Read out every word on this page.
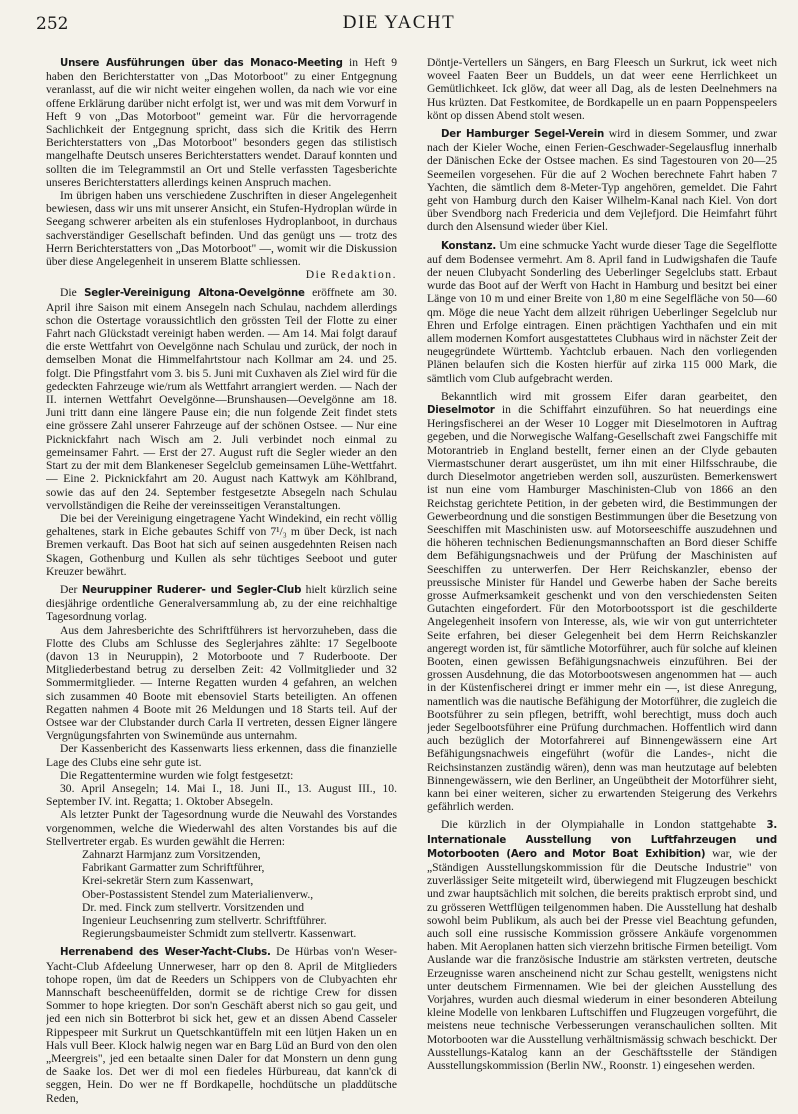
252	DIE YACHT

Unsere Ausführungen über das Monaco-Meeting in Heft 9 haben den Berichterstatter von „Das Motorboot" zu einer Entgegnung veranlasst, auf die wir nicht weiter eingehen wollen, da nach wie vor eine offene Erklärung darüber nicht erfolgt ist, wer und was mit dem Vorwurf in Heft 9 von „Das Motorboot" gemeint war. Für die hervorragende Sachlichkeit der Entgegnung spricht, dass sich die Kritik des Herrn Berichterstatters von „Das Motorboot" besonders gegen das stilistisch mangelhafte Deutsch unseres Berichterstatters wendet. Darauf konnten und sollten die im Telegrammstil an Ort und Stelle verfassten Tagesberichte unseres Berichterstatters allerdings keinen Anspruch machen.

Im übrigen haben uns verschiedene Zuschriften in dieser Angelegenheit bewiesen, dass wir uns mit unserer Ansicht, ein Stufen-Hydroplan würde in Seegang schwerer arbeiten als ein stufenloses Hydroplanboot, in durchaus sachverständiger Gesellschaft befinden. Und das genügt uns — trotz des Herrn Berichterstatters von „Das Motorboot" —, womit wir die Diskussion über diese Angelegenheit in unserem Blatte schliessen.

Die Redaktion.

Die Segler-Vereinigung Altona-Oevelgönne eröffnete am 30. April ihre Saison mit einem Ansegeln nach Schulau, nachdem allerdings schon die Ostertage voraussichtlich den grössten Teil der Flotte zu einer Fahrt nach Glückstadt vereinigt haben werden. — Am 14. Mai folgt darauf die erste Wettfahrt von Oevelgönne nach Schulau und zurück, der noch in demselben Monat die Himmelfahrtstour nach Kollmar am 24. und 25. folgt. Die Pfingstfahrt vom 3. bis 5. Juni mit Cuxhaven als Ziel wird für die gedeckten Fahrzeuge wie/rum als Wettfahrt arrangiert werden. — Nach der II. internen Wettfahrt Oevelgönne—Brunshausen—Oevelgönne am 18. Juni tritt dann eine längere Pause ein; die nun folgende Zeit findet stets eine grössere Zahl unserer Fahrzeuge auf der schönen Ostsee. — Nur eine Picknickfahrt nach Wisch am 2. Juli verbindet noch einmal zu gemeinsamer Fahrt. — Erst der 27. August ruft die Segler wieder an den Start zu der mit dem Blankeneser Segelclub gemeinsamen Lühe-Wettfahrt. — Eine 2. Picknickfahrt am 20. August nach Kattwyk am Köhlbrand, sowie das auf den 24. September festgesetzte Absegeln nach Schulau vervollständigen die Reihe der vereinsseitigen Veranstaltungen.

Die bei der Vereinigung eingetragene Yacht Windekind, ein recht völlig gehaltenes, stark in Eiche gebautes Schiff von 7¹/₃ m über Deck, ist nach Bremen verkauft. Das Boot hat sich auf seinen ausgedehnten Reisen nach Skagen, Gothenburg und Kullen als sehr tüchtiges Seeboot und guter Kreuzer bewährt.

Der Neuruppiner Ruderer- und Segler-Club hielt kürzlich seine diesjährige ordentliche Generalversammlung ab, zu der eine reichhaltige Tagesordnung vorlag.

Aus dem Jahresberichte des Schriftführers ist hervorzuheben, dass die Flotte des Clubs am Schlusse des Seglerjahres zählte: 17 Segelboote (davon 13 in Neuruppin), 2 Motorboote und 7 Ruderboote. Der Mitgliederbestand betrug zu derselben Zeit: 42 Vollmitglieder und 32 Sommermitglieder. — Interne Regatten wurden 4 gefahren, an welchen sich zusammen 40 Boote mit ebensoviel Starts beteiligten. An offenen Regatten nahmen 4 Boote mit 26 Meldungen und 18 Starts teil. Auf der Ostsee war der Clubstander durch Carla II vertreten, dessen Eigner längere Vergnügungsfahrten von Swinemünde aus unternahm.

Der Kassenbericht des Kassenwarts liess erkennen, dass die finanzielle Lage des Clubs eine sehr gute ist.

Die Regattentermine wurden wie folgt festgesetzt:

30. April Ansegeln; 14. Mai I., 18. Juni II., 13. August III., 10. September IV. int. Regatta; 1. Oktober Absegeln.

Als letzter Punkt der Tagesordnung wurde die Neuwahl des Vorstandes vorgenommen, welche die Wiederwahl des alten Vorstandes bis auf die Stellvertreter ergab. Es wurden gewählt die Herren:

Zahnarzt Harmjanz zum Vorsitzenden,
Fabrikant Garmatter zum Schriftführer,
Krei-sekretär Stern zum Kassenwart,
Ober-Postassistent Stendel zum Materialienverw.,
Dr. med. Finck zum stellvertr. Vorsitzenden und
Ingenieur Leuchsenring zum stellvertr. Schriftführer.
Regierungsbaumeister Schmidt zum stellvertr. Kassenwart.

Herrenabend des Weser-Yacht-Clubs. De Hürbas von'n Weser-Yacht-Club Afdeelung Unnerweser, harr op den 8. April de Mitglieders tohope ropen, üm dat de Reeders un Schippers von de Clubyachten ehr Mannschaft bescheenüffelden, dormit se de richtige Crew for dissen Sommer to hope kriegten. Dor son'n Geschäft aberst nich so gau geit, und jed een nich sin Botterbrot bi sick het, gew et an dissen Abend Casseler Rippespeer mit Surkrut un Quetschkantüffeln mit een lütjen Haken un en Hals vull Beer. Klock halwig negen war en Barg Lüd an Burd von den olen „Meergreis", jed een betaalte sinen Daler for dat Monstern un denn gung de Saake los. Det wer di mol een fiedeles Hürbureau, dat kann'ck di seggen, Hein. Do wer ne ff Bordkapelle, hochdütsche un pladdütsche Reden,

Döntje-Vertellers un Sängers, en Barg Fleesch un Surkrut, ick weet nich woveel Faaten Beer un Buddels, un dat weer eene Herrlichkeet un Gemütlichkeet. Ick glöw, dat weer all Dag, als de lesten Deelnehmers na Hus krüzten. Dat Festkomitee, de Bordkapelle un en paarn Poppenspeelers könt op dissen Abend stolt wesen.

Der Hamburger Segel-Verein wird in diesem Sommer, und zwar nach der Kieler Woche, einen Ferien-Geschwader-Segelausflug innerhalb der Dänischen Ecke der Ostsee machen. Es sind Tagestouren von 20—25 Seemeilen vorgesehen. Für die auf 2 Wochen berechnete Fahrt haben 7 Yachten, die sämtlich dem 8-Meter-Typ angehören, gemeldet. Die Fahrt geht von Hamburg durch den Kaiser Wilhelm-Kanal nach Kiel. Von dort über Svendborg nach Fredericia und dem Vejlefjord. Die Heimfahrt führt durch den Alsensund wieder über Kiel.

Konstanz. Um eine schmucke Yacht wurde dieser Tage die Segelflotte auf dem Bodensee vermehrt. Am 8. April fand in Ludwigshafen die Taufe der neuen Clubyacht Sonderling des Ueberlinger Segelclubs statt. Erbaut wurde das Boot auf der Werft von Hacht in Hamburg und besitzt bei einer Länge von 10 m und einer Breite von 1,80 m eine Segelfläche von 50—60 qm. Möge die neue Yacht dem allzeit rührigen Ueberlinger Segelclub nur Ehren und Erfolge eintragen. Einen prächtigen Yachthafen und ein mit allem modernen Komfort ausgestattetes Clubhaus wird in nächster Zeit der neugegründete Württemb. Yachtclub erbauen. Nach den vorliegenden Plänen belaufen sich die Kosten hierfür auf zirka 115 000 Mark, die sämtlich vom Club aufgebracht werden.

Bekanntlich wird mit grossem Eifer daran gearbeitet, den Dieselmotor in die Schiffahrt einzuführen. So hat neuerdings eine Heringsfischerei an der Weser 10 Logger mit Dieselmotoren in Auftrag gegeben, und die Norwegische Walfang-Gesellschaft zwei Fangschiffe mit Motorantrieb in England bestellt, ferner einen an der Clyde gebauten Viermastschuner derart ausgerüstet, um ihn mit einer Hilfsschraube, die durch Dieselmotor angetrieben werden soll, auszurüsten. Bemerkenswert ist nun eine vom Hamburger Maschinisten-Club von 1866 an den Reichstag gerichtete Petition, in der gebeten wird, die Bestimmungen der Gewerbeordnung und die sonstigen Bestimmungen über die Besetzung von Seeschiffen mit Maschinisten usw. auf Motorseeschiffe auszudehnen und die höheren technischen Bedienungsmannschaften an Bord dieser Schiffe dem Befähigungsnachweis und der Prüfung der Maschinisten auf Seeschiffen zu unterwerfen. Der Herr Reichskanzler, ebenso der preussische Minister für Handel und Gewerbe haben der Sache bereits grosse Aufmerksamkeit geschenkt und von den verschiedensten Seiten Gutachten eingefordert. Für den Motorbootssport ist die geschilderte Angelegenheit insofern von Interesse, als, wie wir von gut unterrichteter Seite erfahren, bei dieser Gelegenheit bei dem Herrn Reichskanzler angeregt worden ist, für sämtliche Motorführer, auch für solche auf kleinen Booten, einen gewissen Befähigungsnachweis einzuführen. Bei der grossen Ausdehnung, die das Motorbootswesen angenommen hat — auch in der Küstenfischerei dringt er immer mehr ein —, ist diese Anregung, namentlich was die nautische Befähigung der Motorführer, die zugleich die Bootsführer zu sein pflegen, betrifft, wohl berechtigt, muss doch auch jeder Segelbootsführer eine Prüfung durchmachen. Hoffentlich wird dann auch bezüglich der Motorfahrerei auf Binnengewässern eine Art Befähigungsnachweis eingeführt (wofür die Landes-, nicht die Reichsinstanzen zuständig wären), denn was man heutzutage auf belebten Binnengewässern, wie den Berliner, an Ungeübtheit der Motorführer sieht, kann bei einer weiteren, sicher zu erwartenden Steigerung des Verkehrs gefährlich werden.

Die kürzlich in der Olympiahalle in London stattgehabte 3. Internationale Ausstellung von Luftfahrzeugen und Motorbooten (Aero and Motor Boat Exhibition) war, wie der „Ständigen Ausstellungskommission für die Deutsche Industrie" von zuverlässiger Seite mitgeteilt wird, überwiegend mit Flugzeugen beschickt und zwar hauptsächlich mit solchen, die bereits praktisch erprobt sind, und zu grösseren Wettflügen teilgenommen haben. Die Ausstellung hat deshalb sowohl beim Publikum, als auch bei der Presse viel Beachtung gefunden, auch soll eine russische Kommission grössere Ankäufe vorgenommen haben. Mit Aeroplanen hatten sich vierzehn britische Firmen beteiligt. Vom Auslande war die französische Industrie am stärksten vertreten, deutsche Erzeugnisse waren anscheinend nicht zur Schau gestellt, wenigstens nicht unter deutschem Firmennamen. Wie bei der gleichen Ausstellung des Vorjahres, wurden auch diesmal wiederum in einer besonderen Abteilung kleine Modelle von lenkbaren Luftschiffen und Flugzeugen vorgeführt, die meistens neue technische Verbesserungen veranschaulichen sollten. Mit Motorbooten war die Ausstellung verhältnismässig schwach beschickt. Der Ausstellungs-Katalog kann an der Geschäftsstelle der Ständigen Ausstellungskommission (Berlin NW., Roonstr. 1) eingesehen werden.
